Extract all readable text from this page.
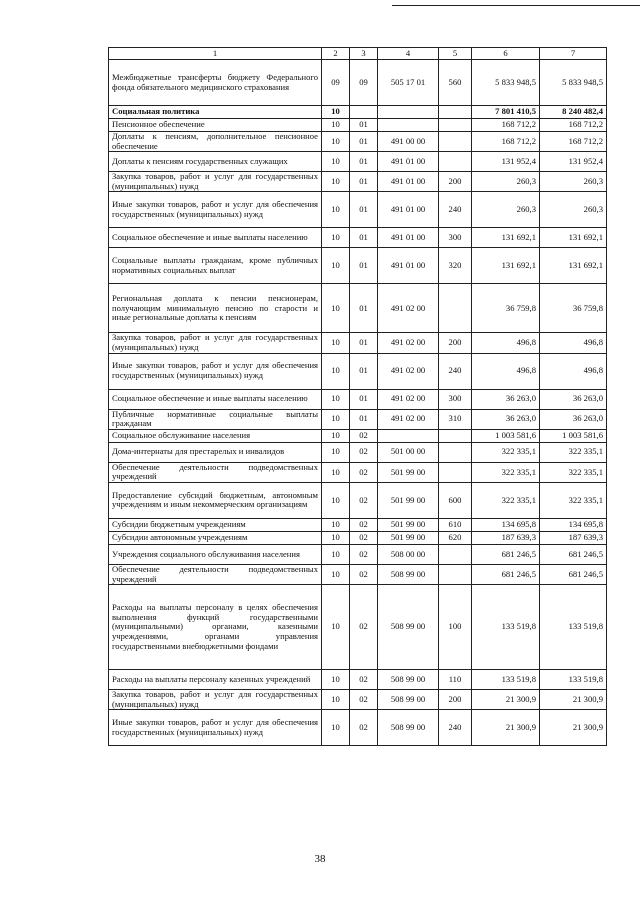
1	2	3	4	5	6	7
Межбюджетные трансферты бюджету Федерального фонда обязательного медицинского страхования	09	09	505 17 01	560	5 833 948,5	5 833 948,5
Социальная политика	10				7 801 410,5	8 240 482,4
Пенсионное обеспечение	10	01			168 712,2	168 712,2
Доплаты к пенсиям, дополнительное пенсионное обеспечение	10	01	491 00 00		168 712,2	168 712,2
Доплаты к пенсиям государственных служащих	10	01	491 01 00		131 952,4	131 952,4
Закупка товаров, работ и услуг для государственных (муниципальных) нужд	10	01	491 01 00	200	260,3	260,3
Иные закупки товаров, работ и услуг для обеспечения государственных (муниципальных) нужд	10	01	491 01 00	240	260,3	260,3
Социальное обеспечение и иные выплаты населению	10	01	491 01 00	300	131 692,1	131 692,1
Социальные выплаты гражданам, кроме публичных нормативных социальных выплат	10	01	491 01 00	320	131 692,1	131 692,1
Региональная доплата к пенсии пенсионерам, получающим минимальную пенсию по старости и иные региональные доплаты к пенсиям	10	01	491 02 00		36 759,8	36 759,8
Закупка товаров, работ и услуг для государственных (муниципальных) нужд	10	01	491 02 00	200	496,8	496,8
Иные закупки товаров, работ и услуг для обеспечения государственных (муниципальных) нужд	10	01	491 02 00	240	496,8	496,8
Социальное обеспечение и иные выплаты населению	10	01	491 02 00	300	36 263,0	36 263,0
Публичные нормативные социальные выплаты гражданам	10	01	491 02 00	310	36 263,0	36 263,0
Социальное обслуживание населения	10	02			1 003 581,6	1 003 581,6
Дома-интернаты для престарелых и инвалидов	10	02	501 00 00		322 335,1	322 335,1
Обеспечение деятельности подведомственных учреждений	10	02	501 99 00		322 335,1	322 335,1
Предоставление субсидий бюджетным, автономным учреждениям и иным некоммерческим организациям	10	02	501 99 00	600	322 335,1	322 335,1
Субсидии бюджетным учреждениям	10	02	501 99 00	610	134 695,8	134 695,8
Субсидии автономным учреждениям	10	02	501 99 00	620	187 639,3	187 639,3
Учреждения социального обслуживания населения	10	02	508 00 00		681 246,5	681 246,5
Обеспечение деятельности подведомственных учреждений	10	02	508 99 00		681 246,5	681 246,5
Расходы на выплаты персоналу в целях обеспечения выполнения функций государственными (муниципальными) органами, казенными учреждениями, органами управления государственными внебюджетными фондами	10	02	508 99 00	100	133 519,8	133 519,8
Расходы на выплаты персоналу казенных учреждений	10	02	508 99 00	110	133 519,8	133 519,8
Закупка товаров, работ и услуг для государственных (муниципальных) нужд	10	02	508 99 00	200	21 300,9	21 300,9
Иные закупки товаров, работ и услуг для обеспечения государственных (муниципальных) нужд	10	02	508 99 00	240	21 300,9	21 300,9
38
